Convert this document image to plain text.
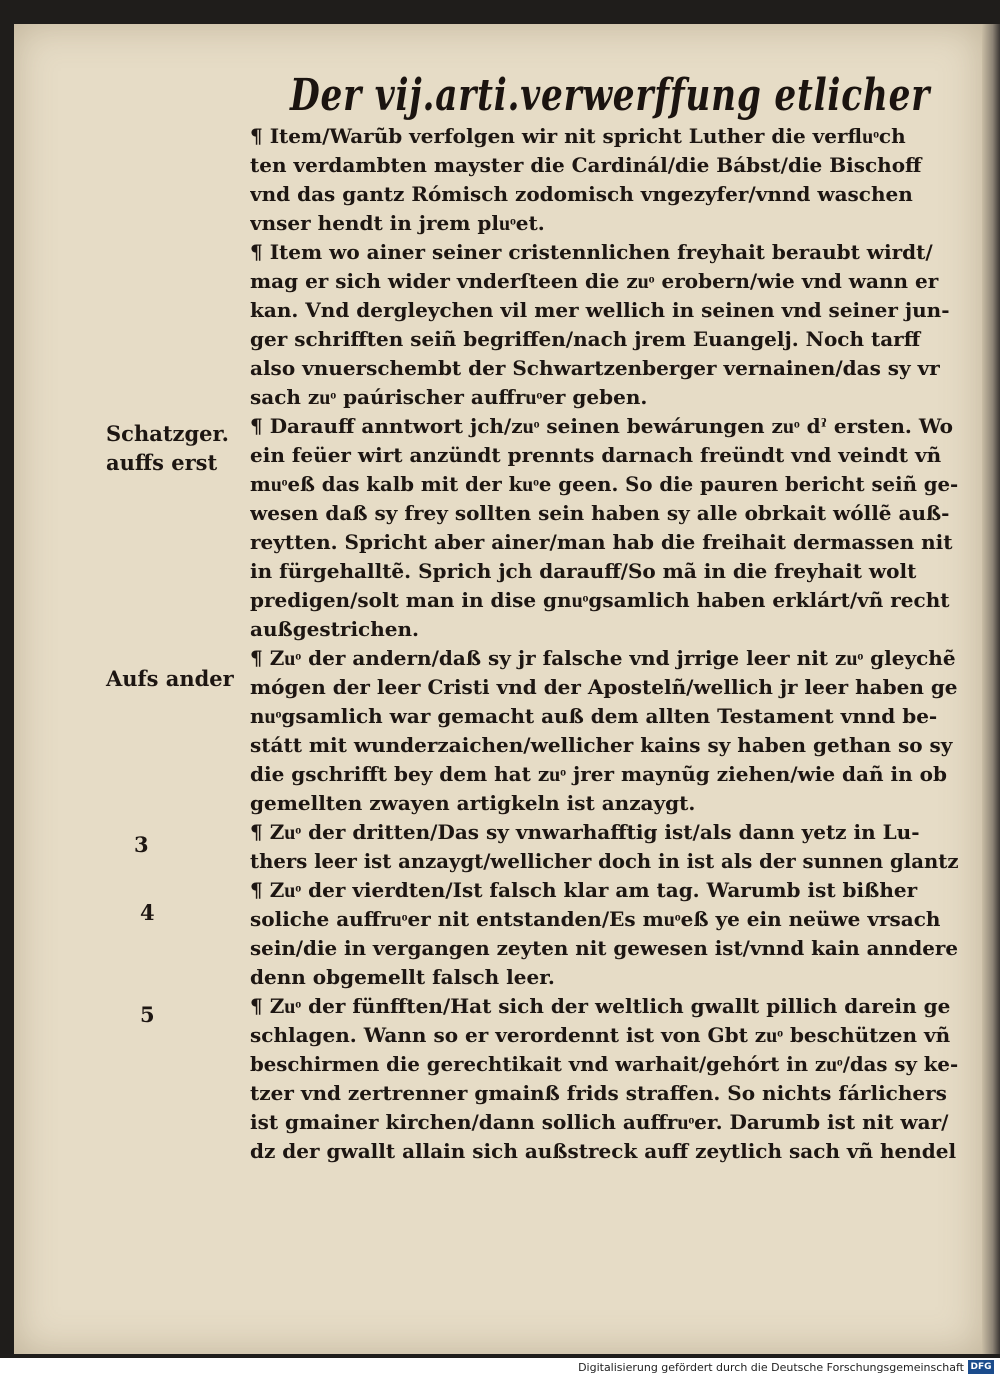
Der vij.arti.verwerffung etlicher
Schatzger.
auffs erst
Aufs ander
3
4
5
¶ Item/Warũb verfolgen wir nit spricht Luther die verfluͦch
ten verdambten mayster die Cardinál/die Bábst/die Bischoff
vnd das gantz Rómisch zodomisch vngezyfer/vnnd waschen
vnser hendt in jrem pluͦet.
¶ Item wo ainer seiner cristennlichen freyhait beraubt wirdt/
mag er sich wider vnderſteen die zuͦ erobern/wie vnd wann er
kan. Vnd dergleychen vil mer wellich in seinen vnd seiner jun-
ger schrifften seiñ begriffen/nach jrem Euangelj. Noch tarff
also vnuerschembt der Schwartzenberger vernainen/das sy vr
sach zuͦ paúrischer auffruͦer geben.
¶ Darauff anntwort jch/zuͦ seinen bewárungen zuͦ dˀ ersten. Wo
ein feüer wirt anzündt prennts darnach freündt vnd veindt vñ
muͦeß das kalb mit der kuͦe geen. So die pauren bericht seiñ ge-
wesen daß sy frey sollten sein haben sy alle obrkait wóllẽ auß-
reytten. Spricht aber ainer/man hab die freihait dermassen nit
in fürgehalltẽ. Sprich jch darauff/So mã in die freyhait wolt
predigen/solt man in dise gnuͦgsamlich haben erklárt/vñ recht
außgestrichen.
¶ Zuͦ der andern/daß sy jr falsche vnd jrrige leer nit zuͦ gleychẽ
mógen der leer Cristi vnd der Apostelñ/wellich jr leer haben ge
nuͦgsamlich war gemacht auß dem allten Testament vnnd be-
státt mit wunderzaichen/wellicher kains sy haben gethan so sy
die gschrifft bey dem hat zuͦ jrer maynũg ziehen/wie dañ in ob
gemellten zwayen artigkeln ist anzaygt.
¶ Zuͦ der dritten/Das sy vnwarhafftig ist/als dann yetz in Lu-
thers leer ist anzaygt/wellicher doch in ist als der sunnen glantz
¶ Zuͦ der vierdten/Ist falsch klar am tag. Warumb ist bißher
soliche auffruͦer nit entstanden/Es muͦeß ye ein neüwe vrsach
sein/die in vergangen zeyten nit gewesen ist/vnnd kain anndere
denn obgemellt falsch leer.
¶ Zuͦ der fünfften/Hat sich der weltlich gwallt pillich darein ge
schlagen. Wann so er verordennt ist von Gbt zuͦ beschützen vñ
beschirmen die gerechtikait vnd warhait/gehórt in zuͦ/das sy ke-
tzer vnd zertrenner gmainß frids straffen. So nichts fárlichers
ist gmainer kirchen/dann sollich auffruͦer. Darumb ist nit war/
dz der gwallt allain sich außstreck auff zeytlich sach vñ hendel
Digitalisierung gefördert durch die Deutsche Forschungsgemeinschaft DFG
